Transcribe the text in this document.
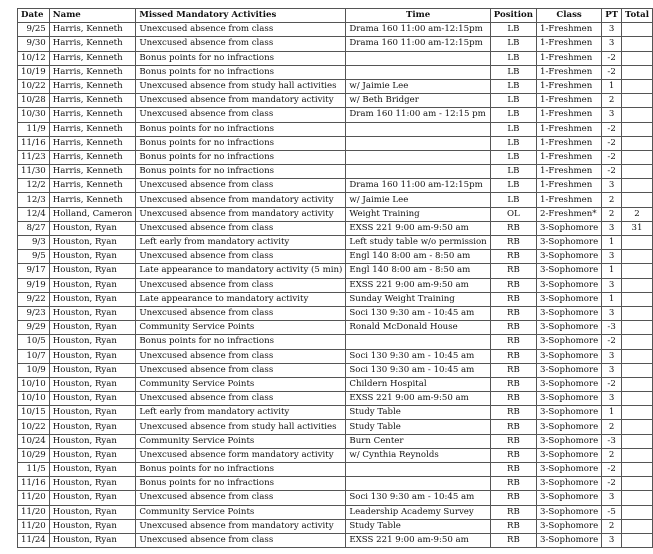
Date	Name	Missed Mandatory Activities	Time	Position	Class	PT	Total
9/25	Harris, Kenneth	Unexcused absence from class	Drama 160 11:00 am-12:15pm	LB	1-Freshmen	3	
9/30	Harris, Kenneth	Unexcused absence from class	Drama 160 11:00 am-12:15pm	LB	1-Freshmen	3	
10/12	Harris, Kenneth	Bonus points for no infractions		LB	1-Freshmen	-2	
10/19	Harris, Kenneth	Bonus points for no infractions		LB	1-Freshmen	-2	
10/22	Harris, Kenneth	Unexcused absence from study hall activities	w/ Jaimie Lee	LB	1-Freshmen	1	
10/28	Harris, Kenneth	Unexcused absence from mandatory activity	w/ Beth Bridger	LB	1-Freshmen	2	
10/30	Harris, Kenneth	Unexcused absence from class	Dram 160 11:00 am - 12:15 pm	LB	1-Freshmen	3	
11/9	Harris, Kenneth	Bonus points for no infractions		LB	1-Freshmen	-2	
11/16	Harris, Kenneth	Bonus points for no infractions		LB	1-Freshmen	-2	
11/23	Harris, Kenneth	Bonus points for no infractions		LB	1-Freshmen	-2	
11/30	Harris, Kenneth	Bonus points for no infractions		LB	1-Freshmen	-2	
12/2	Harris, Kenneth	Unexcused absence from class	Drama 160 11:00 am-12:15pm	LB	1-Freshmen	3	
12/3	Harris, Kenneth	Unexcused absence from mandatory activity	w/ Jaimie Lee	LB	1-Freshmen	2	
12/4	Holland, Cameron	Unexcused absence from mandatory activity	Weight Training	OL	2-Freshmen*	2	2
8/27	Houston, Ryan	Unexcused absence from class	EXSS 221 9:00 am-9:50 am	RB	3-Sophomore	3	31
9/3	Houston, Ryan	Left early from mandatory activity	Left study table w/o permission	RB	3-Sophomore	1	
9/5	Houston, Ryan	Unexcused absence from class	Engl 140 8:00 am - 8:50 am	RB	3-Sophomore	3	
9/17	Houston, Ryan	Late appearance to mandatory activity (5 min)	Engl 140 8:00 am - 8:50 am	RB	3-Sophomore	1	
9/19	Houston, Ryan	Unexcused absence from class	EXSS 221 9:00 am-9:50 am	RB	3-Sophomore	3	
9/22	Houston, Ryan	Late appearance to mandatory activity	Sunday Weight Training	RB	3-Sophomore	1	
9/23	Houston, Ryan	Unexcused absence from class	Soci 130 9:30 am - 10:45 am	RB	3-Sophomore	3	
9/29	Houston, Ryan	Community Service Points	Ronald McDonald House	RB	3-Sophomore	-3	
10/5	Houston, Ryan	Bonus points for no infractions		RB	3-Sophomore	-2	
10/7	Houston, Ryan	Unexcused absence from class	Soci 130 9:30 am - 10:45 am	RB	3-Sophomore	3	
10/9	Houston, Ryan	Unexcused absence from class	Soci 130 9:30 am - 10:45 am	RB	3-Sophomore	3	
10/10	Houston, Ryan	Community Service Points	Childern Hospital	RB	3-Sophomore	-2	
10/10	Houston, Ryan	Unexcused absence from class	EXSS 221 9:00 am-9:50 am	RB	3-Sophomore	3	
10/15	Houston, Ryan	Left early from mandatory activity	Study Table	RB	3-Sophomore	1	
10/22	Houston, Ryan	Unexcused absence from study hall activities	Study Table	RB	3-Sophomore	2	
10/24	Houston, Ryan	Community Service Points	Burn Center	RB	3-Sophomore	-3	
10/29	Houston, Ryan	Unexcused absence form mandatory activity	w/ Cynthia Reynolds	RB	3-Sophomore	2	
11/5	Houston, Ryan	Bonus points for no infractions		RB	3-Sophomore	-2	
11/16	Houston, Ryan	Bonus points for no infractions		RB	3-Sophomore	-2	
11/20	Houston, Ryan	Unexcused absence from class	Soci 130 9:30 am - 10:45 am	RB	3-Sophomore	3	
11/20	Houston, Ryan	Community Service Points	Leadership Academy Survey	RB	3-Sophomore	-5	
11/20	Houston, Ryan	Unexcused absence from mandatory activity	Study Table	RB	3-Sophomore	2	
11/24	Houston, Ryan	Unexcused absence from class	EXSS 221 9:00 am-9:50 am	RB	3-Sophomore	3	
